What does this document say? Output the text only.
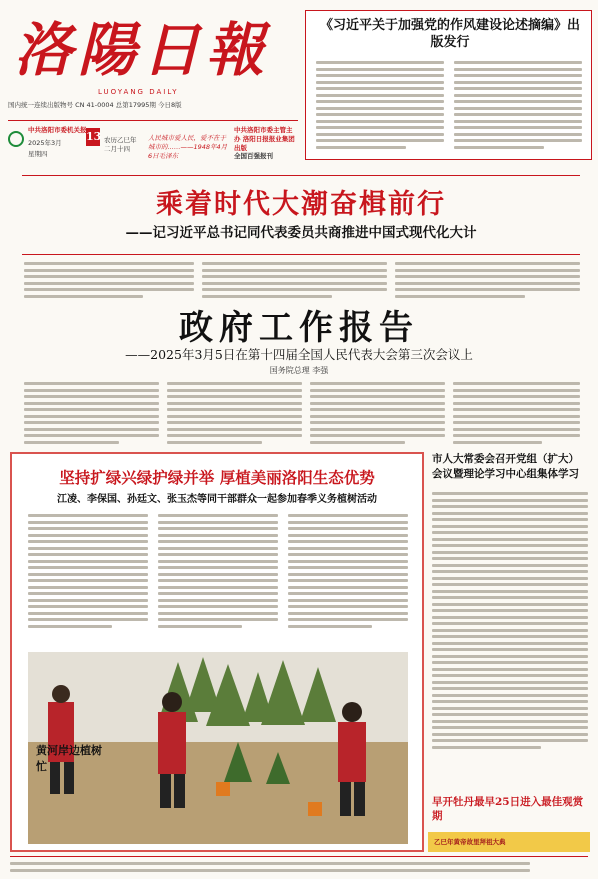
洛陽日報
LUOYANG DAILY
国内统一连续出版物号 CN 41-0004 总第17995期 今日8版
《习近平关于加强党的作风建设论述摘编》出版发行
中共洛阳市委机关报
2025年3月 13
星期四
农历乙巳年 二月十四
人民城市爱人民，爱不在于城市的……——1948年4月6日毛泽东
中共洛阳市委主管主办 洛阳日报报业集团出版
全国百强报刊
乘着时代大潮奋楫前行
——记习近平总书记同代表委员共商推进中国式现代化大计
政府工作报告
——2025年3月5日在第十四届全国人民代表大会第三次会议上
国务院总理 李强
坚持扩绿兴绿护绿并举 厚植美丽洛阳生态优势
江凌、李保国、孙廷文、张玉杰等同干部群众一起参加春季义务植树活动
黄河岸边植树忙
市人大常委会召开党组（扩大）会议暨理论学习中心组集体学习
早开牡丹最早25日进入最佳观赏期
乙巳年黄帝故里拜祖大典
